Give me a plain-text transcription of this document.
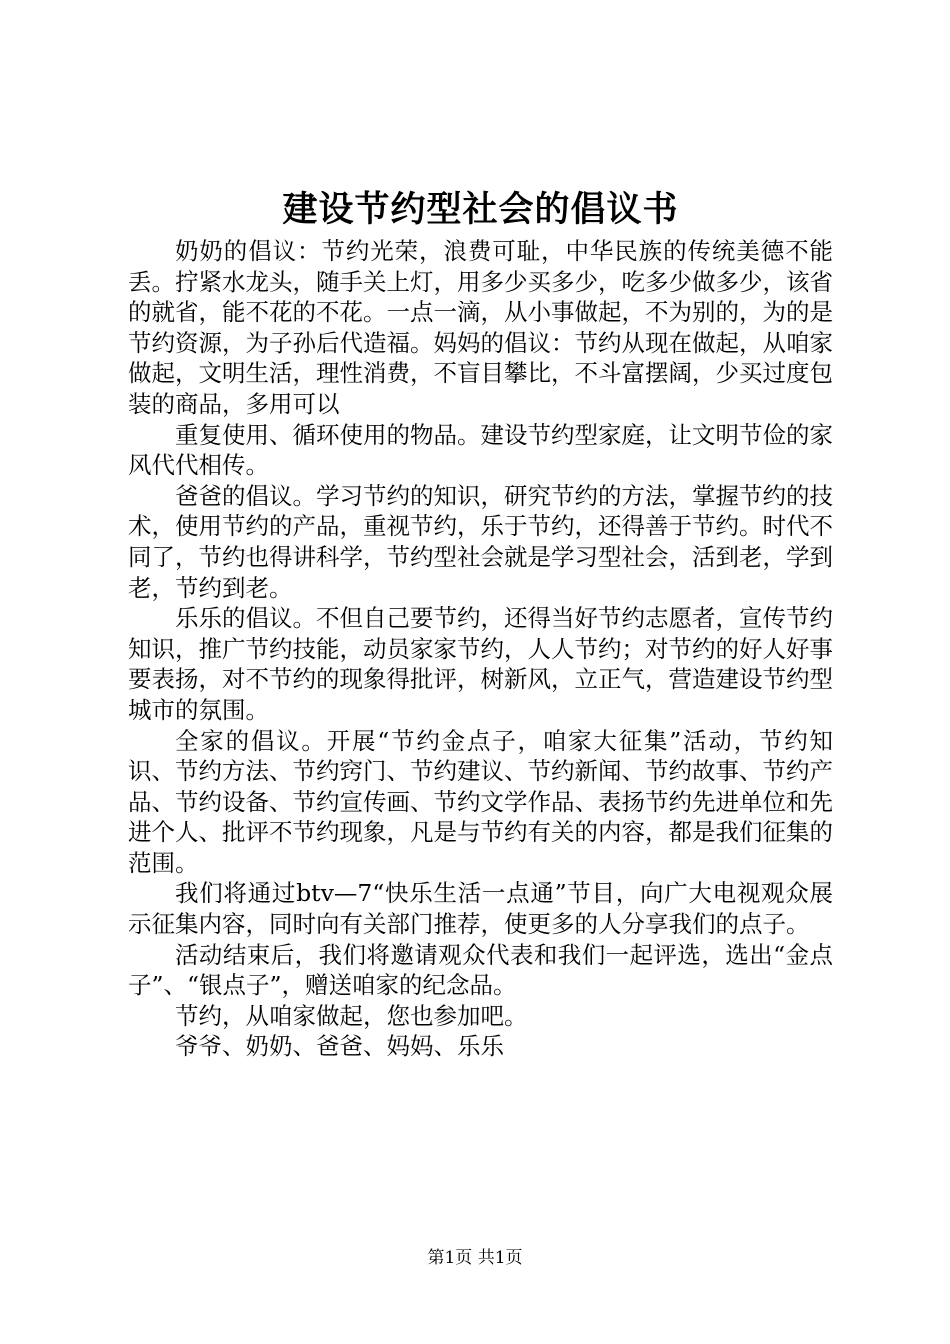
建设节约型社会的倡议书

奶奶的倡议：节约光荣，浪费可耻，中华民族的传统美德不能丢。拧紧水龙头，随手关上灯，用多少买多少，吃多少做多少，该省的就省，能不花的不花。一点一滴，从小事做起，不为别的，为的是节约资源，为子孙后代造福。妈妈的倡议：节约从现在做起，从咱家做起，文明生活，理性消费，不盲目攀比，不斗富摆阔，少买过度包装的商品，多用可以

重复使用、循环使用的物品。建设节约型家庭，让文明节俭的家风代代相传。

爸爸的倡议。学习节约的知识，研究节约的方法，掌握节约的技术，使用节约的产品，重视节约，乐于节约，还得善于节约。时代不同了，节约也得讲科学，节约型社会就是学习型社会，活到老，学到老，节约到老。

乐乐的倡议。不但自己要节约，还得当好节约志愿者，宣传节约知识，推广节约技能，动员家家节约，人人节约；对节约的好人好事要表扬，对不节约的现象得批评，树新风，立正气，营造建设节约型城市的氛围。

全家的倡议。开展“节约金点子，咱家大征集”活动，节约知识、节约方法、节约窍门、节约建议、节约新闻、节约故事、节约产品、节约设备、节约宣传画、节约文学作品、表扬节约先进单位和先进个人、批评不节约现象，凡是与节约有关的内容，都是我们征集的范围。

我们将通过btv—7“快乐生活一点通”节目，向广大电视观众展示征集内容，同时向有关部门推荐，使更多的人分享我们的点子。

活动结束后，我们将邀请观众代表和我们一起评选，选出“金点子”、“银点子”，赠送咱家的纪念品。

节约，从咱家做起，您也参加吧。

爷爷、奶奶、爸爸、妈妈、乐乐

第1页 共1页
